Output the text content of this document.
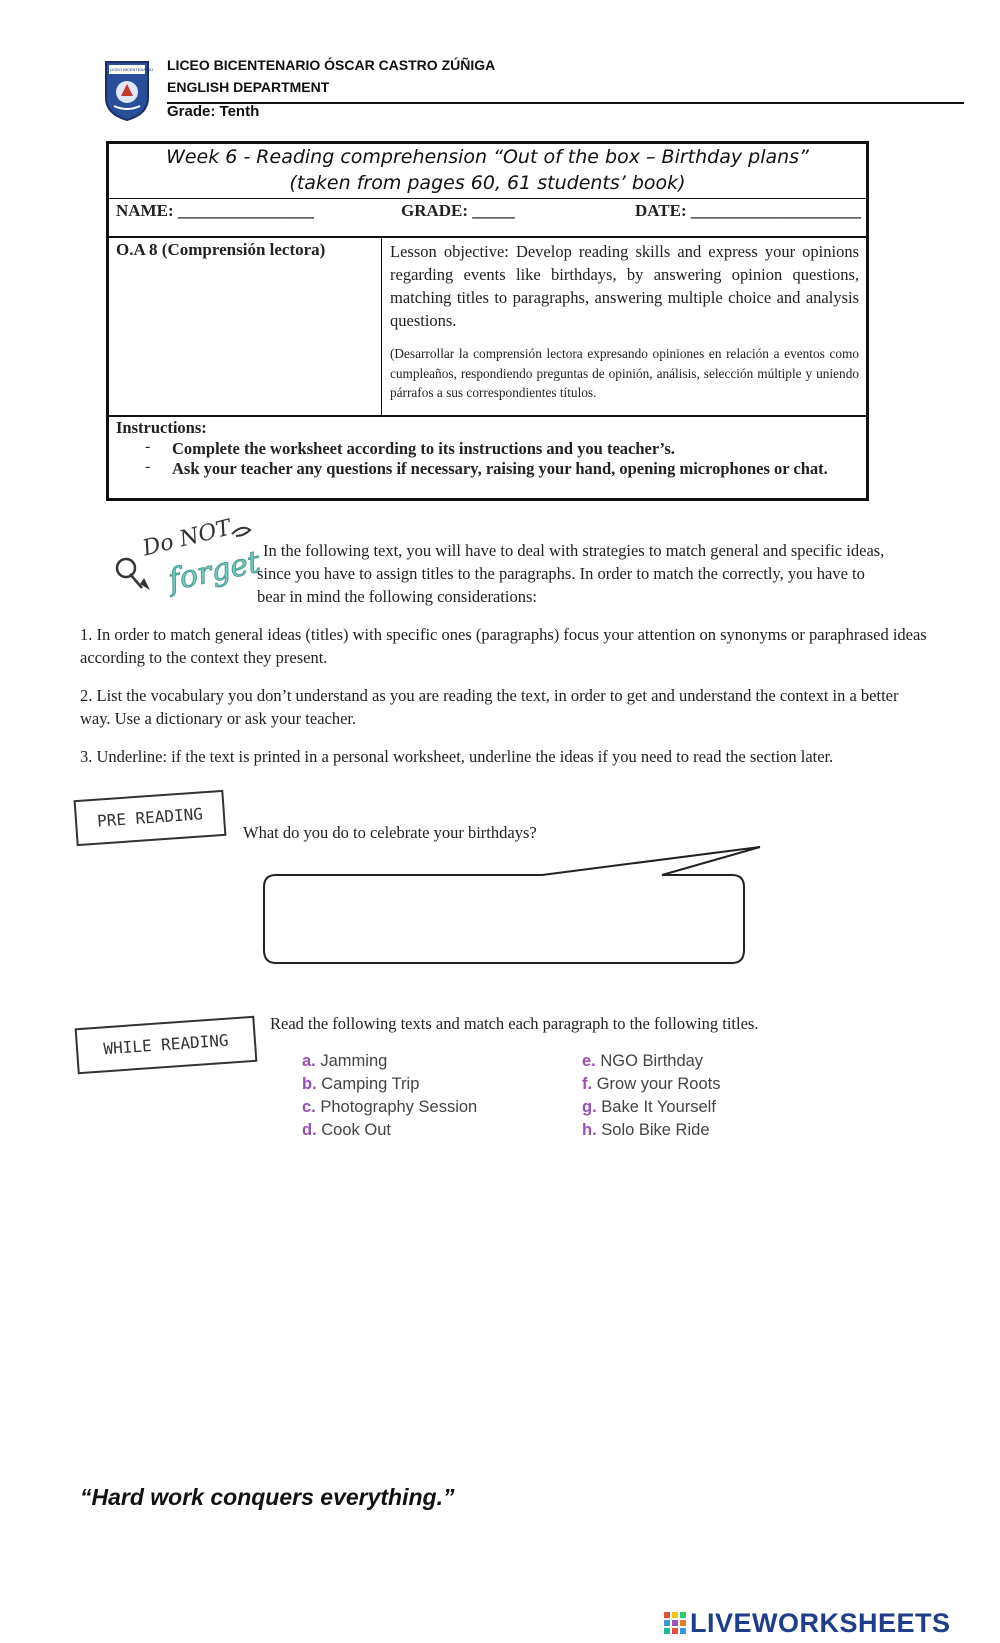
LICEO BICENTENARIO LICEO BICENTENARIO ÓSCAR CASTRO ZÚÑIGA
ENGLISH DEPARTMENT
Grade: Tenth
Week 6 - Reading comprehension “Out of the box – Birthday plans”
(taken from pages 60, 61 students’ book)
NAME: ________________	GRADE: _____	DATE: ____________________
O.A 8 (Comprensión lectora)	Lesson objective: Develop reading skills and express your opinions regarding events like birthdays, by answering opinion questions, matching titles to paragraphs, answering multiple choice and analysis questions.
(Desarrollar la comprensión lectora expresando opiniones en relación a eventos como cumpleaños, respondiendo preguntas de opinión, análisis, selección múltiple y uniendo párrafos a sus correspondientes títulos.
Instructions:
- Complete the worksheet according to its instructions and you teacher’s.
- Ask your teacher any questions if necessary, raising your hand, opening microphones or chat.
Do NOT
forget In the following text, you will have to deal with strategies to match general and specific ideas, since you have to assign titles to the paragraphs. In order to match the correctly, you have to bear in mind the following considerations:
1. In order to match general ideas (titles) with specific ones (paragraphs) focus your attention on synonyms or paraphrased ideas according to the context they present.
2. List the vocabulary you don’t understand as you are reading the text, in order to get and understand the context in a better way. Use a dictionary or ask your teacher.
3. Underline: if the text is printed in a personal worksheet, underline the ideas if you need to read the section later.
PRE READING
What do you do to celebrate your birthdays?
WHILE READING
Read the following texts and match each paragraph to the following titles.
a. Jamming
b. Camping Trip
c. Photography Session
d. Cook Out
e. NGO Birthday
f. Grow your Roots
g. Bake It Yourself
h. Solo Bike Ride
“Hard work conquers everything.”
LIVEWORKSHEETS
